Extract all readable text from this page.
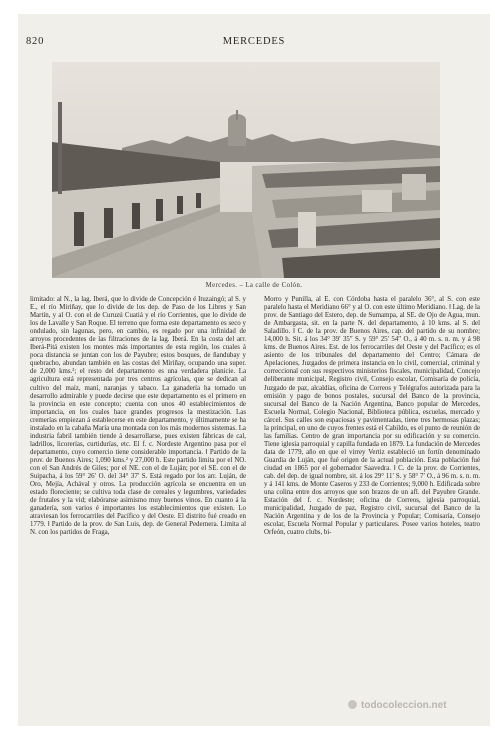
820	MERCEDES
Mercedes. – La calle de Colón.

limitado: al N., la lag. Iberá, que lo divide de Concepción é Ituzaingó; al S. y E., el río Miriñay, que lo divide de los dep. de Paso de los Libres y San Martín, y al O. con el de Curuzú Cuatiá y el río Corrientes, que lo divide de los de Lavalle y San Roque. El terreno que forma este departamento es seco y ondulado, sin lagunas, pero, en cambio, es regado por una infinidad de arroyos procedentes de las filtraciones de la lag. Iberá. En la costa del arr. Iberá-Pitá existen los montes más importantes de esta región, los cuales á poca distancia se juntan con los de Payubre; estos bosques, de ñandubay y quebracho, abundan también en las costas del Miriñay, ocupando una super. de 2,000 kms.²; el resto del departamento es una verdadera planicie. La agricultura está representada por tres centros agrícolas, que se dedican al cultivo del maíz, maní, naranjas y tabaco. La ganadería ha tomado un desarrollo admirable y puede decirse que este departamento es el primero en la provincia en este concepto; cuenta con unos 40 establecimientos de importancia, en los cuales hace grandes progresos la mestización. Las cremerías empiezan á establecerse en este departamento, y últimamente se ha instalado en la cabaña María una montada con los más modernos sistemas. La industria fabril también tiende á desarrollarse, pues existen fábricas de cal, ladrillos, licorerías, curtidurías, etc. El f. c. Nordeste Argentino pasa por el departamento, cuyo comercio tiene considerable importancia. ‖ Partido de la prov. de Buenos Aires; 1,090 kms.² y 27,000 h. Este partido limita por el NO. con el San Andrés de Giles; por el NE. con el de Luján; por el SE. con el de Suipacha, á los 59° 26′ O. del 34° 37′ S. Está regado por los arr. Luján, de Oro, Mejía, Achával y otros. La producción agrícola se encuentra en un estado floreciente; se cultiva toda clase de cereales y legumbres, variedades de frutales y la vid; elabóranse asimismo muy buenos vinos. En cuanto á la ganadería, son varios é importantes los establecimientos que existen. Lo atraviesan los ferrocarriles del Pacífico y del Oeste. El distrito fué creado en 1779. ‖ Partido de la prov. de San Luis, dep. de General Pedernera. Limita al N. con los partidos de Fraga,

Morro y Punilla, al E. con Córdoba hasta el paralelo 36°, al S. con este paralelo hasta el Meridiano 66° y al O. con este último Meridiano. ‖ Lag. de la prov. de Santiago del Estero, dep. de Sumampa, al SE. de Ojo de Agua, mun. de Ambargasta, sit. en la parte N. del departamento, á 10 kms. al S. del Saladillo. ‖ C. de la prov. de Buenos Aires, cap. del partido de su nombre; 14,000 h. Sit. á los 34° 39′ 35″ S. y 59° 25′ 54″ O., á 40 m. s. n. m. y á 98 kms. de Buenos Aires. Est. de los ferrocarriles del Oeste y del Pacífico; es el asiento de los tribunales del departamento del Centro; Cámara de Apelaciones, Juzgados de primera instancia en lo civil, comercial, criminal y correccional con sus respectivos ministerios fiscales, municipalidad, Concejo deliberante municipal, Registro civil, Consejo escolar, Comisaría de policía, Juzgado de paz, alcaldías, oficina de Correos y Telégrafos autorizada para la emisión y pago de bonos postales, sucursal del Banco de la provincia, sucursal del Banco de la Nación Argentina, Banco popular de Mercedes, Escuela Normal, Colegio Nacional, Biblioteca pública, escuelas, mercado y cárcel. Sus calles son espaciosas y pavimentadas, tiene tres hermosas plazas; la principal, en uno de cuyos frentes está el Cabildo, es el punto de reunión de las familias. Centro de gran importancia por su edificación y su comercio. Tiene iglesia parroquial y capilla fundada en 1879. La fundación de Mercedes data de 1779, año en que el virrey Vertiz estableció un fortín denominado Guardia de Luján, que fué origen de la actual población. Esta población fué ciudad en 1865 por el gobernador Saavedra. ‖ C. de la prov. de Corrientes, cab. del dep. de igual nombre, sit. á los 29° 11′ S. y 58° 7′ O., á 96 m. s. n. m. y á 141 kms. de Monte Caseros y 233 de Corrientes; 9,000 h. Edificada sobre una colina entre dos arroyos que son brazos de un afl. del Payubre Grande. Estación del f. c. Nordeste; oficina de Correos, iglesia parroquial, municipalidad, Juzgado de paz, Registro civil, sucursal del Banco de la Nación Argentina y de los de la Provincia y Popular; Comisaría, Consejo escolar, Escuela Normal Popular y particulares. Posee varios hoteles, teatro Orfeón, cuatro clubs, bi-

todocoleccion.net
